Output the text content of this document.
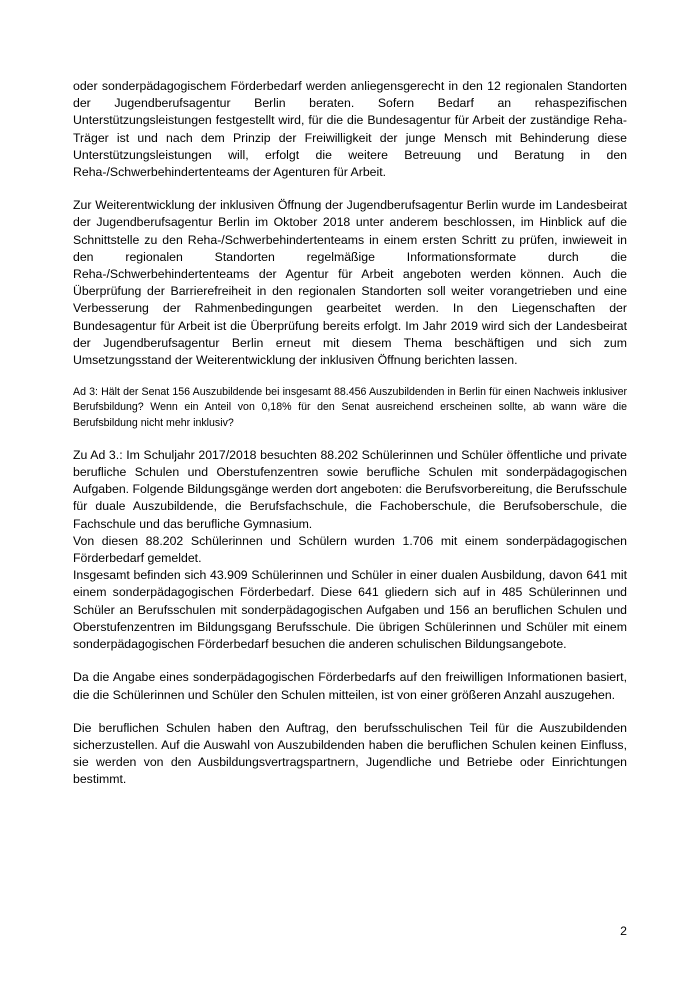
oder sonderpädagogischem Förderbedarf werden anliegensgerecht in den 12 regionalen Standorten der Jugendberufsagentur Berlin beraten. Sofern Bedarf an rehaspezifischen Unterstützungsleistungen festgestellt wird, für die die Bundesagentur für Arbeit der zuständige Reha-Träger ist und nach dem Prinzip der Freiwilligkeit der junge Mensch mit Behinderung diese Unterstützungsleistungen will, erfolgt die weitere Betreuung und Beratung in den Reha-/Schwerbehindertenteams der Agenturen für Arbeit.

Zur Weiterentwicklung der inklusiven Öffnung der Jugendberufsagentur Berlin wurde im Landesbeirat der Jugendberufsagentur Berlin im Oktober 2018 unter anderem beschlossen, im Hinblick auf die Schnittstelle zu den Reha-/Schwerbehindertenteams in einem ersten Schritt zu prüfen, inwieweit in den regionalen Standorten regelmäßige Informationsformate durch die Reha-/Schwerbehindertenteams der Agentur für Arbeit angeboten werden können. Auch die Überprüfung der Barrierefreiheit in den regionalen Standorten soll weiter vorangetrieben und eine Verbesserung der Rahmenbedingungen gearbeitet werden. In den Liegenschaften der Bundesagentur für Arbeit ist die Überprüfung bereits erfolgt. Im Jahr 2019 wird sich der Landesbeirat der Jugendberufsagentur Berlin erneut mit diesem Thema beschäftigen und sich zum Umsetzungsstand der Weiterentwicklung der inklusiven Öffnung berichten lassen.

Ad 3: Hält der Senat 156 Auszubildende bei insgesamt 88.456 Auszubildenden in Berlin für einen Nachweis inklusiver Berufsbildung? Wenn ein Anteil von 0,18% für den Senat ausreichend erscheinen sollte, ab wann wäre die Berufsbildung nicht mehr inklusiv?

Zu Ad 3.: Im Schuljahr 2017/2018 besuchten 88.202 Schülerinnen und Schüler öffentliche und private berufliche Schulen und Oberstufenzentren sowie berufliche Schulen mit sonderpädagogischen Aufgaben. Folgende Bildungsgänge werden dort angeboten: die Berufsvorbereitung, die Berufsschule für duale Auszubildende, die Berufsfachschule, die Fachoberschule, die Berufsoberschule, die Fachschule und das berufliche Gymnasium.

Von diesen 88.202 Schülerinnen und Schülern wurden 1.706 mit einem sonderpädagogischen Förderbedarf gemeldet.

Insgesamt befinden sich 43.909 Schülerinnen und Schüler in einer dualen Ausbildung, davon 641 mit einem sonderpädagogischen Förderbedarf. Diese 641 gliedern sich auf in 485 Schülerinnen und Schüler an Berufsschulen mit sonderpädagogischen Aufgaben und 156 an beruflichen Schulen und Oberstufenzentren im Bildungsgang Berufsschule. Die übrigen Schülerinnen und Schüler mit einem sonderpädagogischen Förderbedarf besuchen die anderen schulischen Bildungsangebote.

Da die Angabe eines sonderpädagogischen Förderbedarfs auf den freiwilligen Informationen basiert, die die Schülerinnen und Schüler den Schulen mitteilen, ist von einer größeren Anzahl auszugehen.

Die beruflichen Schulen haben den Auftrag, den berufsschulischen Teil für die Auszubildenden sicherzustellen. Auf die Auswahl von Auszubildenden haben die beruflichen Schulen keinen Einfluss, sie werden von den Ausbildungsvertragspartnern, Jugendliche und Betriebe oder Einrichtungen bestimmt.

2
